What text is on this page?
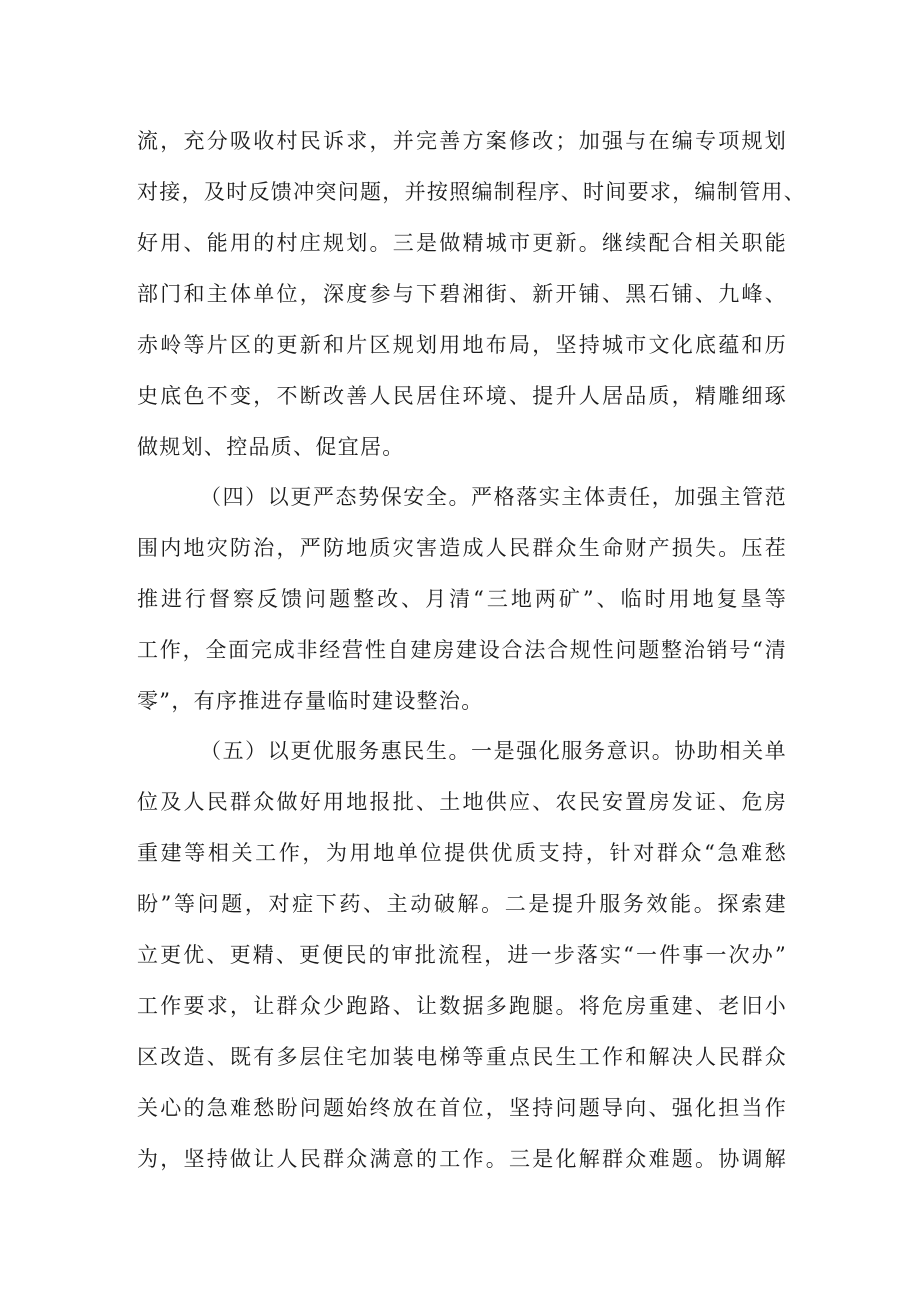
流，充分吸收村民诉求，并完善方案修改；加强与在编专项规划
对接，及时反馈冲突问题，并按照编制程序、时间要求，编制管用、
好用、能用的村庄规划。三是做精城市更新。继续配合相关职能
部门和主体单位，深度参与下碧湘街、新开铺、黑石铺、九峰、
赤岭等片区的更新和片区规划用地布局，坚持城市文化底蕴和历
史底色不变，不断改善人民居住环境、提升人居品质，精雕细琢
做规划、控品质、促宜居。
（四）以更严态势保安全。严格落实主体责任，加强主管范
围内地灾防治，严防地质灾害造成人民群众生命财产损失。压茬
推进行督察反馈问题整改、月清“三地两矿”、临时用地复垦等
工作，全面完成非经营性自建房建设合法合规性问题整治销号“清
零”，有序推进存量临时建设整治。
（五）以更优服务惠民生。一是强化服务意识。协助相关单
位及人民群众做好用地报批、土地供应、农民安置房发证、危房
重建等相关工作，为用地单位提供优质支持，针对群众“急难愁
盼”等问题，对症下药、主动破解。二是提升服务效能。探索建
立更优、更精、更便民的审批流程，进一步落实“一件事一次办”
工作要求，让群众少跑路、让数据多跑腿。将危房重建、老旧小
区改造、既有多层住宅加装电梯等重点民生工作和解决人民群众
关心的急难愁盼问题始终放在首位，坚持问题导向、强化担当作
为，坚持做让人民群众满意的工作。三是化解群众难题。协调解
